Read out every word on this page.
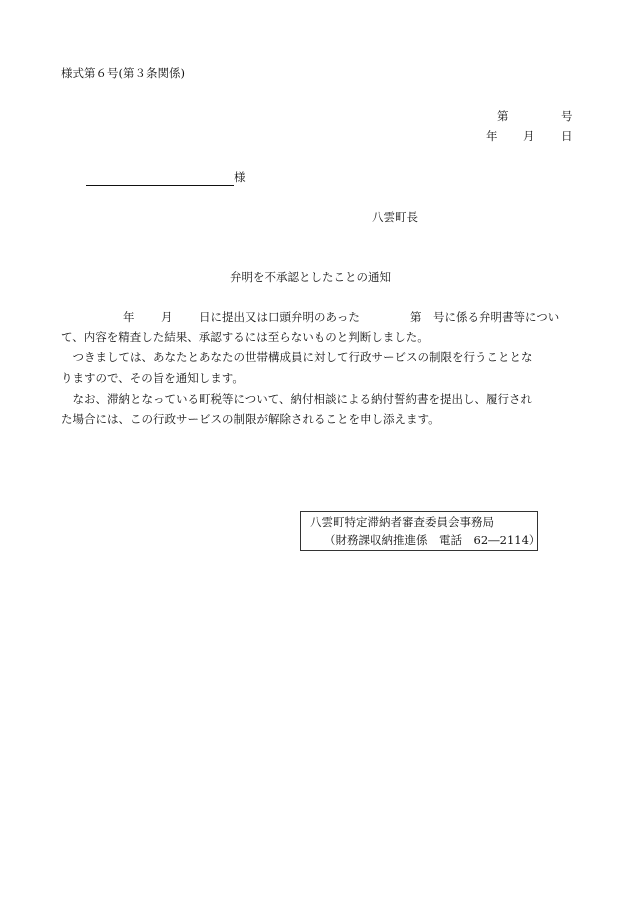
様式第６号(第３条関係)
第	号
年 月 日
様
八雲町長
弁明を不承認としたことの通知
年 月 日に提出又は口頭弁明のあった	第　号に係る弁明書等につい
て、内容を精査した結果、承認するには至らないものと判断しました。
　つきましては、あなたとあなたの世帯構成員に対して行政サービスの制限を行うこととな
りますので、その旨を通知します。
　なお、滞納となっている町税等について、納付相談による納付誓約書を提出し、履行され
た場合には、この行政サービスの制限が解除されることを申し添えます。
八雲町特定滞納者審査委員会事務局
（財務課収納推進係　電話　62―2114）
